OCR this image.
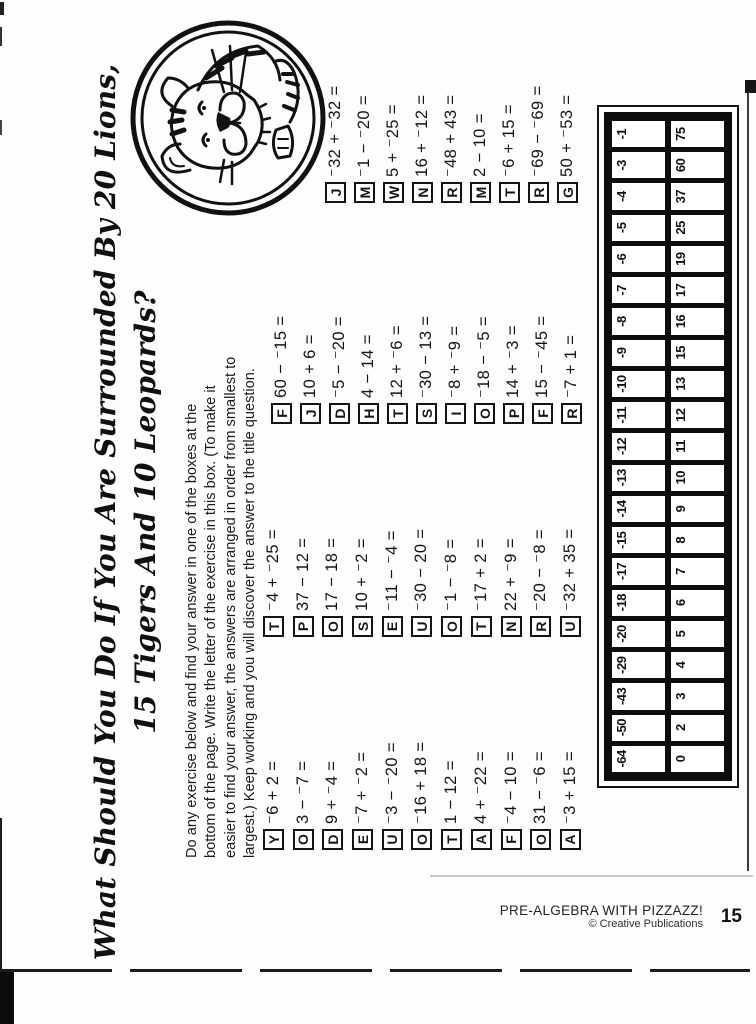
What Should You Do If You Are Surrounded By 20 Lions, 15 Tigers And 10 Leopards? Do any exercise below and find your answer in one of the boxes at the bottom of the page. Write the letter of the exercise in this box. (To make it easier to find your answer, the answers are arranged in order from smallest to largest.) Keep working and you will discover the answer to the title question. Y
⁻6 + 2 =
O
3 − ⁻7 =
D
9 + ⁻4 =
E
⁻7 + ⁻2 =
U
⁻3 − ⁻20 =
O
⁻16 + 18 =
T
1 − 12 =
A
4 + ⁻22 =
F
⁻4 − 10 =
O
31 − ⁻6 =
A
⁻3 + 15 =
T
⁻4 + ⁻25 =
P
37 − 12 =
O
17 − 18 =
S
10 + ⁻2 =
E
⁻11 − ⁻4 =
U
⁻30 − 20 =
O
⁻1 − ⁻8 =
T
⁻17 + 2 =
N
22 + ⁻9 =
R
⁻20 − ⁻8 =
U
⁻32 + 35 =
F
60 − ⁻15 =
J
10 + 6 =
D
⁻5 − ⁻20 =
H
4 − 14 =
T
12 + ⁻6 =
S
⁻30 − 13 =
I
⁻8 + ⁻9 =
O
⁻18 − ⁻5 =
P
14 + ⁻3 =
F
15 − ⁻45 =
R
⁻7 + 1 =
J
⁻32 + ⁻32 =
M
⁻1 − ⁻20 =
W
5 + ⁻25 =
N
16 + ⁻12 =
R
⁻48 + 43 =
M
2 − 10 =
T
⁻6 + 15 =
R
⁻69 − ⁻69 =
G
50 + ⁻53 =
-64
-50
-43
-29
-20
-18
-17
-15
-14
-13
-12
-11
-10
-9
-8
-7
-6
-5
-4
-3
-1
0
2
3
4
5
6
7
8
9
10
11
12
13
15
16
17
19
25
37
60
75
PRE-ALGEBRA WITH PIZZAZZ!
© Creative Publications 15
